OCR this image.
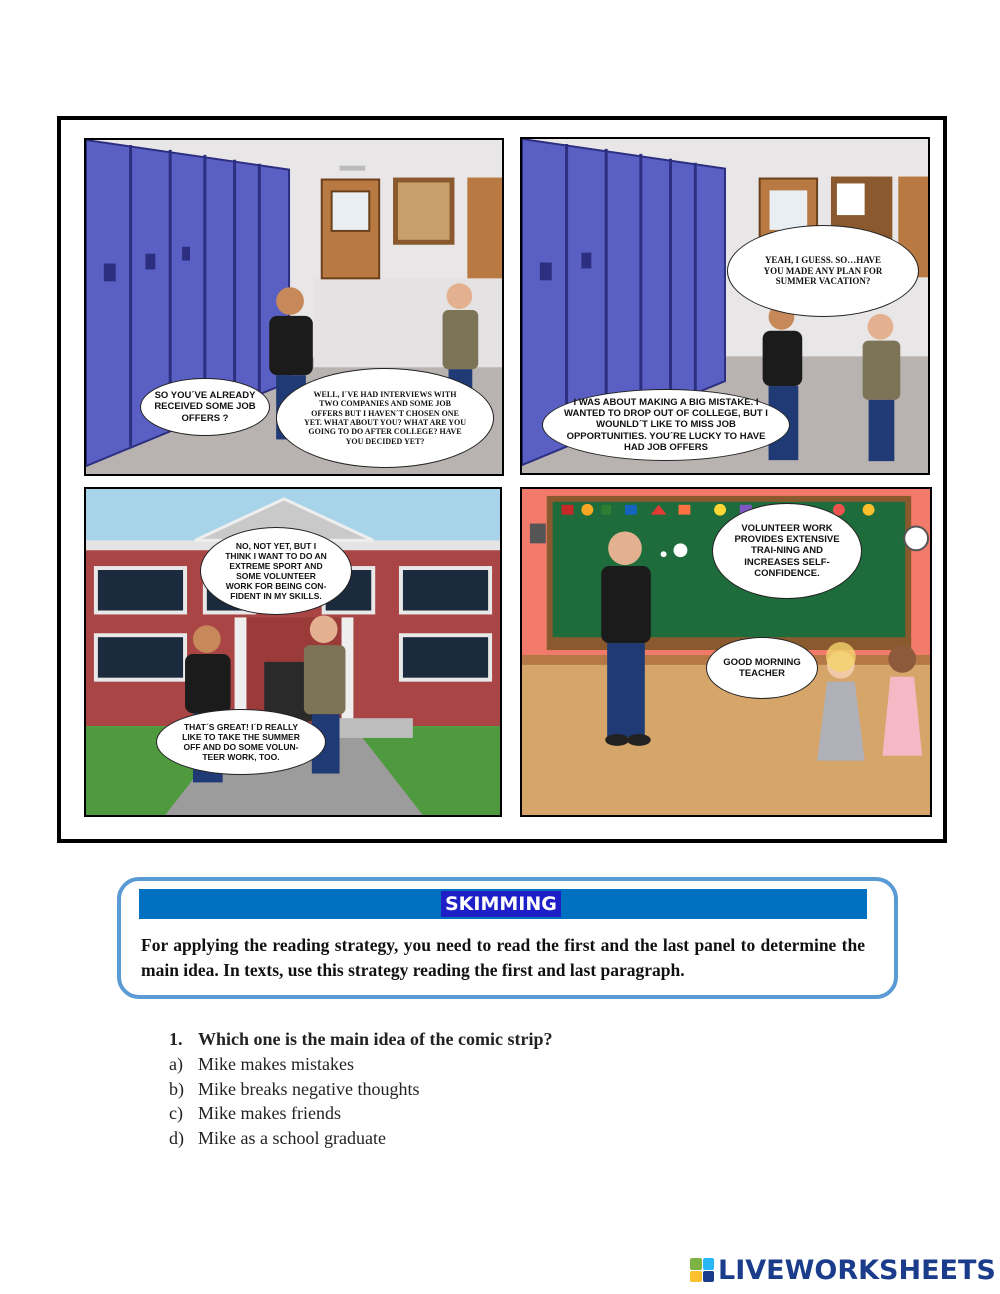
SO YOU´VE ALREADY RECEIVED SOME JOB OFFERS ?
WELL, I´VE HAD INTERVIEWS WITH TWO COMPANIES AND SOME JOB OFFERS BUT I HAVEN´T CHOSEN ONE YET. WHAT ABOUT YOU? WHAT ARE YOU GOING TO DO AFTER COLLEGE? HAVE YOU DECIDED YET?
YEAH, I GUESS. SO…HAVE YOU MADE ANY PLAN FOR SUMMER VACATION?
I WAS ABOUT MAKING A BIG MISTAKE. I WANTED TO DROP OUT OF COLLEGE, BUT I WOUNLD´T LIKE TO MISS JOB OPPORTUNITIES. YOU´RE LUCKY TO HAVE HAD JOB OFFERS
NO, NOT YET, BUT I THINK I WANT TO DO AN EXTREME SPORT AND SOME VOLUNTEER WORK FOR BEING CON-FIDENT IN MY SKILLS.
THAT´S GREAT! I´D REALLY LIKE TO TAKE THE SUMMER OFF AND DO SOME VOLUN-TEER WORK, TOO.
VOLUNTEER WORK PROVIDES EXTENSIVE TRAI-NING AND INCREASES SELF-CONFIDENCE.
GOOD MORNING TEACHER
SKIMMING
For applying the reading strategy, you need to read the first and the last panel to determine the main idea. In texts, use this strategy reading the first and last paragraph.
1. Which one is the main idea of the comic strip?
a) Mike makes mistakes
b) Mike breaks negative thoughts
c) Mike makes friends
d) Mike as a school graduate
LIVEWORKSHEETS
